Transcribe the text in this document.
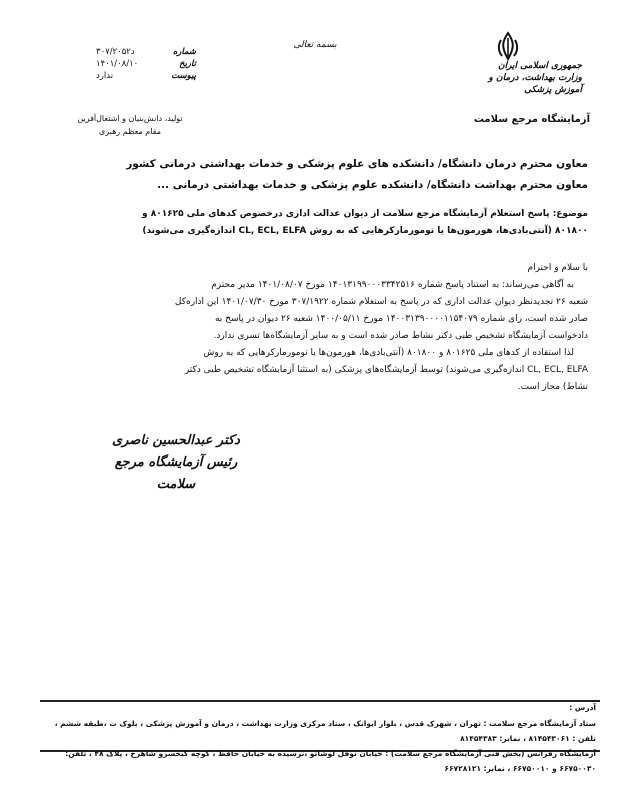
جمهوری اسلامی ایران
وزارت بهداشت، درمان و آموزش پزشکی
آزمایشگاه مرجع سلامت
بسمه تعالی
۳۰۷/۲۰۵۲د	شماره
۱۴۰۱/۰۸/۱۰	تاریخ
ندارد	پیوست
تولید، دانش‌بنیان و اشتغال‌آفرین
مقام معظم رهبری
معاون محترم درمان دانشگاه/ دانشکده های علوم پزشکی و خدمات بهداشتی درمانی کشور
معاون محترم بهداشت دانشگاه/ دانشکده علوم پزشکی و خدمات بهداشتی درمانی ...
موضوع: پاسخ استعلام آزمایشگاه مرجع سلامت از دیوان عدالت اداری درخصوص کدهای ملی ۸۰۱۶۲۵ و
۸۰۱۸۰۰ (آنتی‌بادی‌ها، هورمون‌ها یا تومورمارکرهایی که به روش CL, ECL, ELFA اندازه‌گیری می‌شوند)

با سلام و احترام

به آگاهی می‌رساند: به استناد پاسخ شماره ۱۴۰۱۳۱۹۹۰۰۰۳۳۴۲۵۱۶ مورخ ۱۴۰۱/۰۸/۰۷ مدیر محترم

شعبه ۲۶ تجدیدنظر دیوان عدالت اداری که در پاسخ به استعلام شماره ۳۰۷/۱۹۲۲ مورخ ۱۴۰۱/۰۷/۳۰ این اداره‌کل

صادر شده است، رای شماره ۱۴۰۰۳۱۳۹۰۰۰۰۱۱۵۴۰۷۹ مورخ ۱۴۰۰/۰۵/۱۱ شعبه ۲۶ دیوان در پاسخ به

دادخواست آزمایشگاه تشخیص طبی دکتر نشاط صادر شده است و به سایر آزمایشگاه‌ها تسری ندارد.

لذا استفاده از کدهای ملی ۸۰۱۶۲۵ و ۸۰۱۸۰۰ (آنتی‌بادی‌ها، هورمون‌ها یا تومورمارکرهایی که به روش

CL, ECL, ELFA اندازه‌گیری می‌شوند) توسط آزمایشگاه‌های پزشکی (به استثنا آزمایشگاه تشخیص طبی دکتر

نشاط) مجاز است.

دکتر عبدالحسین ناصری
رئیس آزمایشگاه مرجع سلامت
آدرس :
ستاد آزمایشگاه مرجع سلامت : تهران ، شهرک قدس ، بلوار ایوانک ، ستاد مرکزی وزارت بهداشت ، درمان و آموزش پزشکی ، بلوک ت ،طبقه ششم ، تلفن : ۸۱۴۵۴۳۰۶۱ ، نمابر: ۸۱۴۵۴۳۸۳
آزمایشگاه رفرانس (بخش فنی آزمایشگاه مرجع سلامت) : خیابان نوفل لوشاتو ،نرسیده به خیابان حافظ ، کوچه کیخسرو شاهرخ ، پلاک ۴۸ ، تلفن: ۶۶۷۵۰۰۳۰ و ۶۶۷۵۰۰۱۰ ، نمابر: ۶۶۷۲۸۱۲۱
